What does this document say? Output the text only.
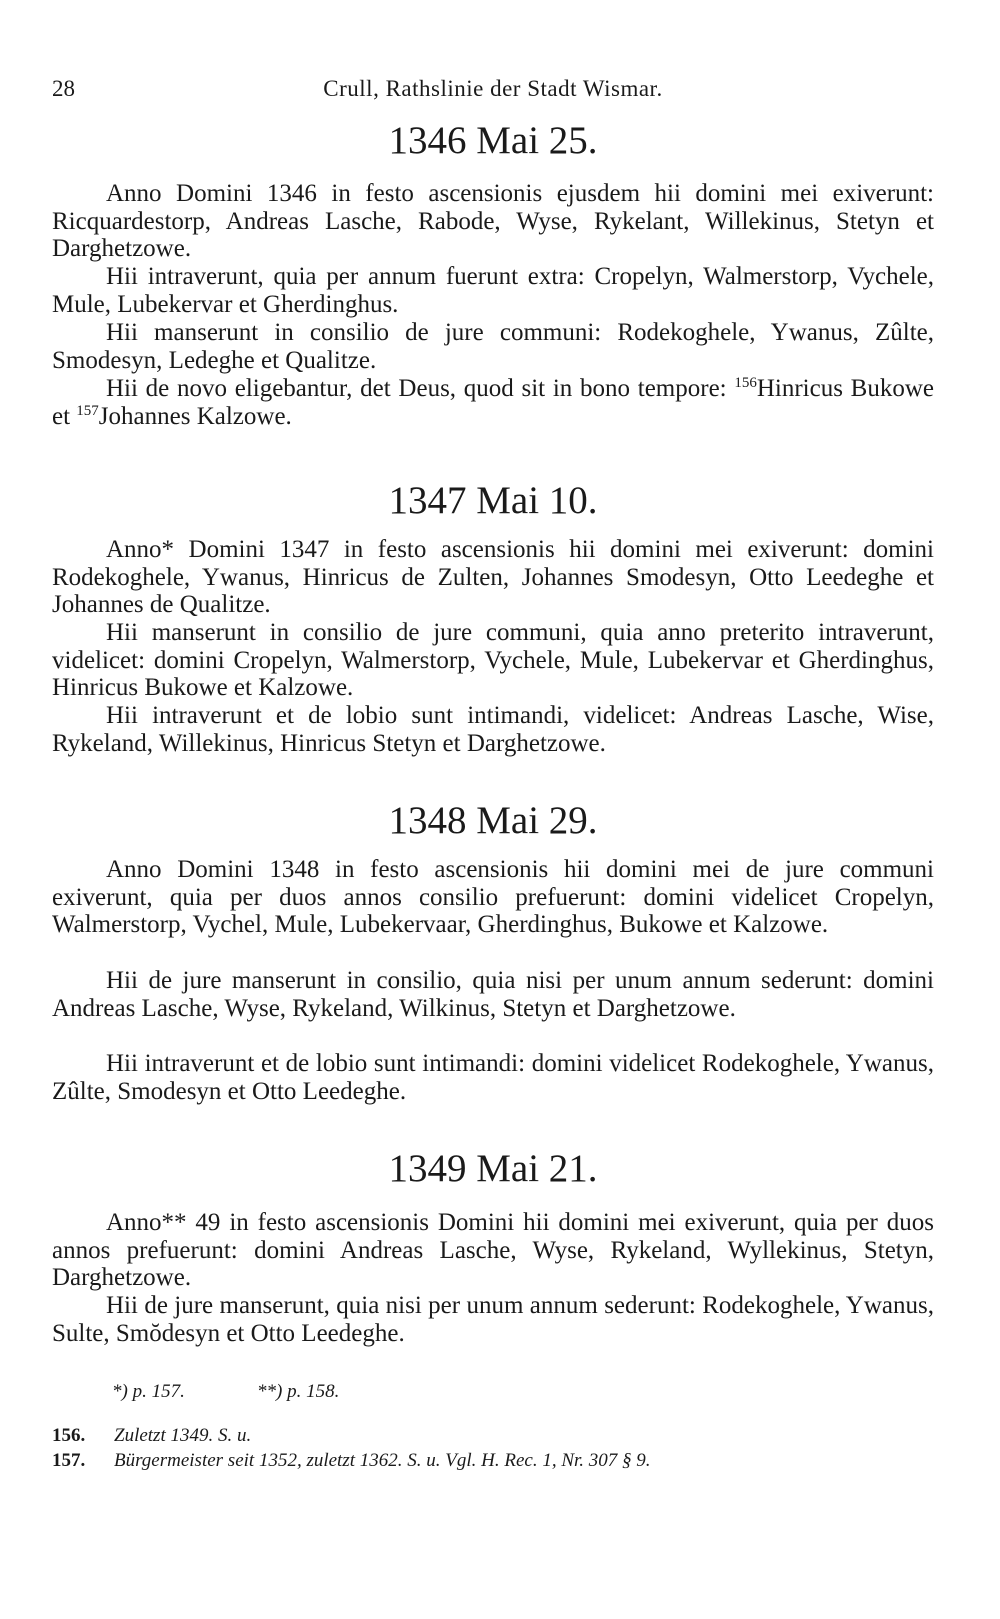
28	Crull, Rathslinie der Stadt Wismar.
1346 Mai 25.

Anno Domini 1346 in festo ascensionis ejusdem hii domini mei exiverunt: Ricquardestorp, Andreas Lasche, Rabode, Wyse, Rykelant, Willekinus, Stetyn et Darghetzowe.

Hii intraverunt, quia per annum fuerunt extra: Cropelyn, Walmerstorp, Vychele, Mule, Lubekervar et Gherdinghus.

Hii manserunt in consilio de jure communi: Rodekoghele, Ywanus, Zûlte, Smodesyn, Ledeghe et Qualitze.

Hii de novo eligebantur, det Deus, quod sit in bono tempore: $^{156}$Hinricus Bukowe et $^{157}$Johannes Kalzowe.

1347 Mai 10.

Anno* Domini 1347 in festo ascensionis hii domini mei exiverunt: domini Rodekoghele, Ywanus, Hinricus de Zulten, Johannes Smodesyn, Otto Leedeghe et Johannes de Qualitze.

Hii manserunt in consilio de jure communi, quia anno preterito intraverunt, videlicet: domini Cropelyn, Walmerstorp, Vychele, Mule, Lubekervar et Gherdinghus, Hinricus Bukowe et Kalzowe.

Hii intraverunt et de lobio sunt intimandi, videlicet: Andreas Lasche, Wise, Rykeland, Willekinus, Hinricus Stetyn et Darghetzowe.

1348 Mai 29.

Anno Domini 1348 in festo ascensionis hii domini mei de jure communi exiverunt, quia per duos annos consilio prefuerunt: domini videlicet Cropelyn, Walmerstorp, Vychel, Mule, Lubekervaar, Gherdinghus, Bukowe et Kalzowe.

Hii de jure manserunt in consilio, quia nisi per unum annum sederunt: domini Andreas Lasche, Wyse, Rykeland, Wilkinus, Stetyn et Darghetzowe.

Hii intraverunt et de lobio sunt intimandi: domini videlicet Rodekoghele, Ywanus, Zûlte, Smodesyn et Otto Leedeghe.

1349 Mai 21.

Anno** 49 in festo ascensionis Domini hii domini mei exiverunt, quia per duos annos prefuerunt: domini Andreas Lasche, Wyse, Rykeland, Wyllekinus, Stetyn, Darghetzowe.

Hii de jure manserunt, quia nisi per unum annum sederunt: Rodekoghele, Ywanus, Sulte, Smŏdesyn et Otto Leedeghe.

*) p. 157.	**) p. 158.
156. Zuletzt 1349. S. u.
157. Bürgermeister seit 1352, zuletzt 1362. S. u. Vgl. H. Rec. 1, Nr. 307 § 9.
